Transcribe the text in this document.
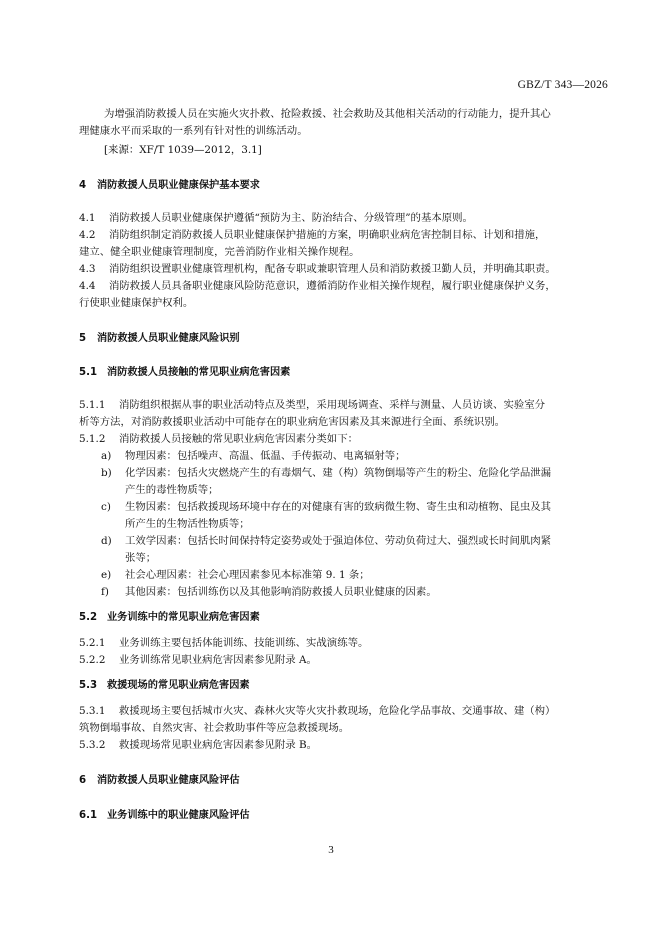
GBZ/T 343—2026
为增强消防救援人员在实施火灾扑救、抢险救援、社会救助及其他相关活动的行动能力，提升其心
理健康水平而采取的一系列有针对性的训练活动。
[来源：XF/T 1039—2012，3.1]
4 消防救援人员职业健康保护基本要求
4.1 消防救援人员职业健康保护遵循“预防为主、防治结合、分级管理”的基本原则。
4.2 消防组织制定消防救援人员职业健康保护措施的方案，明确职业病危害控制目标、计划和措施，
建立、健全职业健康管理制度，完善消防作业相关操作规程。
4.3 消防组织设置职业健康管理机构，配备专职或兼职管理人员和消防救援卫勤人员，并明确其职责。
4.4 消防救援人员具备职业健康风险防范意识，遵循消防作业相关操作规程，履行职业健康保护义务，
行使职业健康保护权利。
5 消防救援人员职业健康风险识别
5.1 消防救援人员接触的常见职业病危害因素
5.1.1 消防组织根据从事的职业活动特点及类型，采用现场调查、采样与测量、人员访谈、实验室分
析等方法，对消防救援职业活动中可能存在的职业病危害因素及其来源进行全面、系统识别。
5.1.2 消防救援人员接触的常见职业病危害因素分类如下：
a) 物理因素：包括噪声、高温、低温、手传振动、电离辐射等；
b) 化学因素：包括火灾燃烧产生的有毒烟气、建（构）筑物倒塌等产生的粉尘、危险化学品泄漏
产生的毒性物质等；
c) 生物因素：包括救援现场环境中存在的对健康有害的致病微生物、寄生虫和动植物、昆虫及其
所产生的生物活性物质等；
d) 工效学因素：包括长时间保持特定姿势或处于强迫体位、劳动负荷过大、强烈或长时间肌肉紧
张等；
e) 社会心理因素：社会心理因素参见本标准第 9. 1 条；
f) 其他因素：包括训练伤以及其他影响消防救援人员职业健康的因素。
5.2 业务训练中的常见职业病危害因素
5.2.1 业务训练主要包括体能训练、技能训练、实战演练等。
5.2.2 业务训练常见职业病危害因素参见附录 A。
5.3 救援现场的常见职业病危害因素
5.3.1 救援现场主要包括城市火灾、森林火灾等火灾扑救现场，危险化学品事故、交通事故、建（构）
筑物倒塌事故、自然灾害、社会救助事件等应急救援现场。
5.3.2 救援现场常见职业病危害因素参见附录 B。
6 消防救援人员职业健康风险评估
6.1 业务训练中的职业健康风险评估
3
